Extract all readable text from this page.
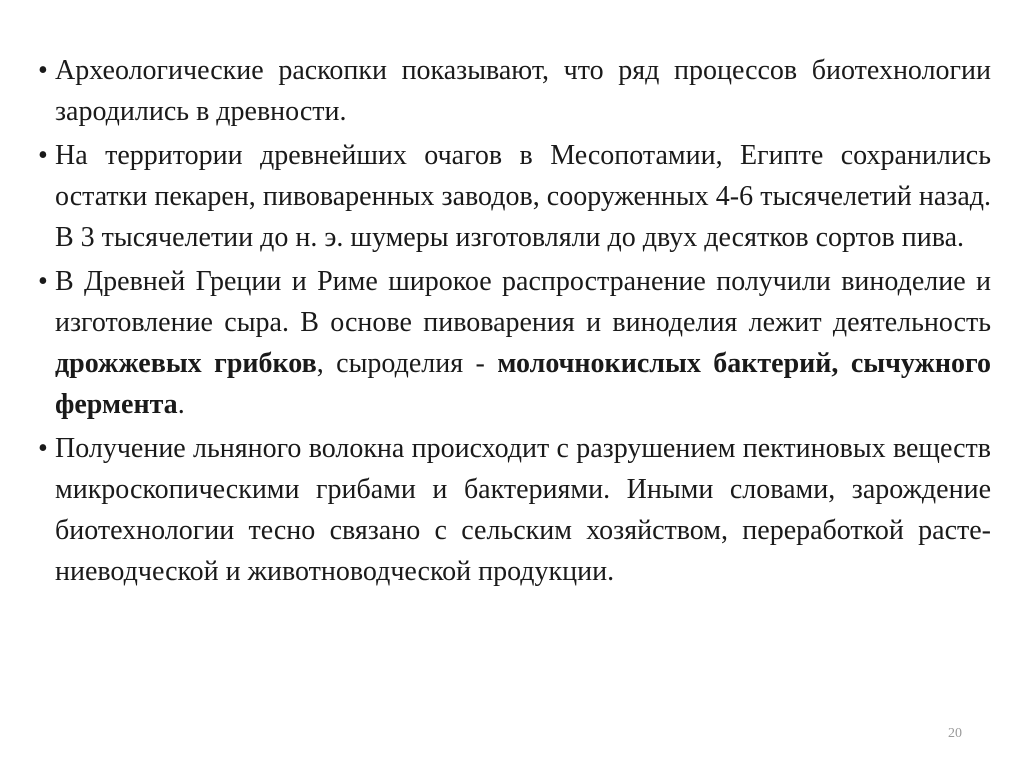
• Археологические раскопки показывают, что ряд процессов биотехнологии зародились в древности.
• На территории древнейших очагов в Месопотамии, Египте сохранились остатки пекарен, пивоваренных заводов, сооруженных 4-6 тысячелетий назад. В 3 тысячелетии до н. э. шумеры изготовляли до двух десятков сортов пива.
• В Древней Греции и Риме широкое распространение получили виноделие и изготовление сыра. В основе пивоварения и виноделия лежит деятельность дрожжевых грибков, сыроделия - молочнокислых бактерий, сычужного фермента.
• Получение льняного волокна происходит с разрушением пектиновых веществ микроскопическими грибами и бактериями. Иными словами, зарождение биотехнологии тесно связано с сельским хозяйством, переработкой расте-ниеводческой и животноводческой продукции.
20
